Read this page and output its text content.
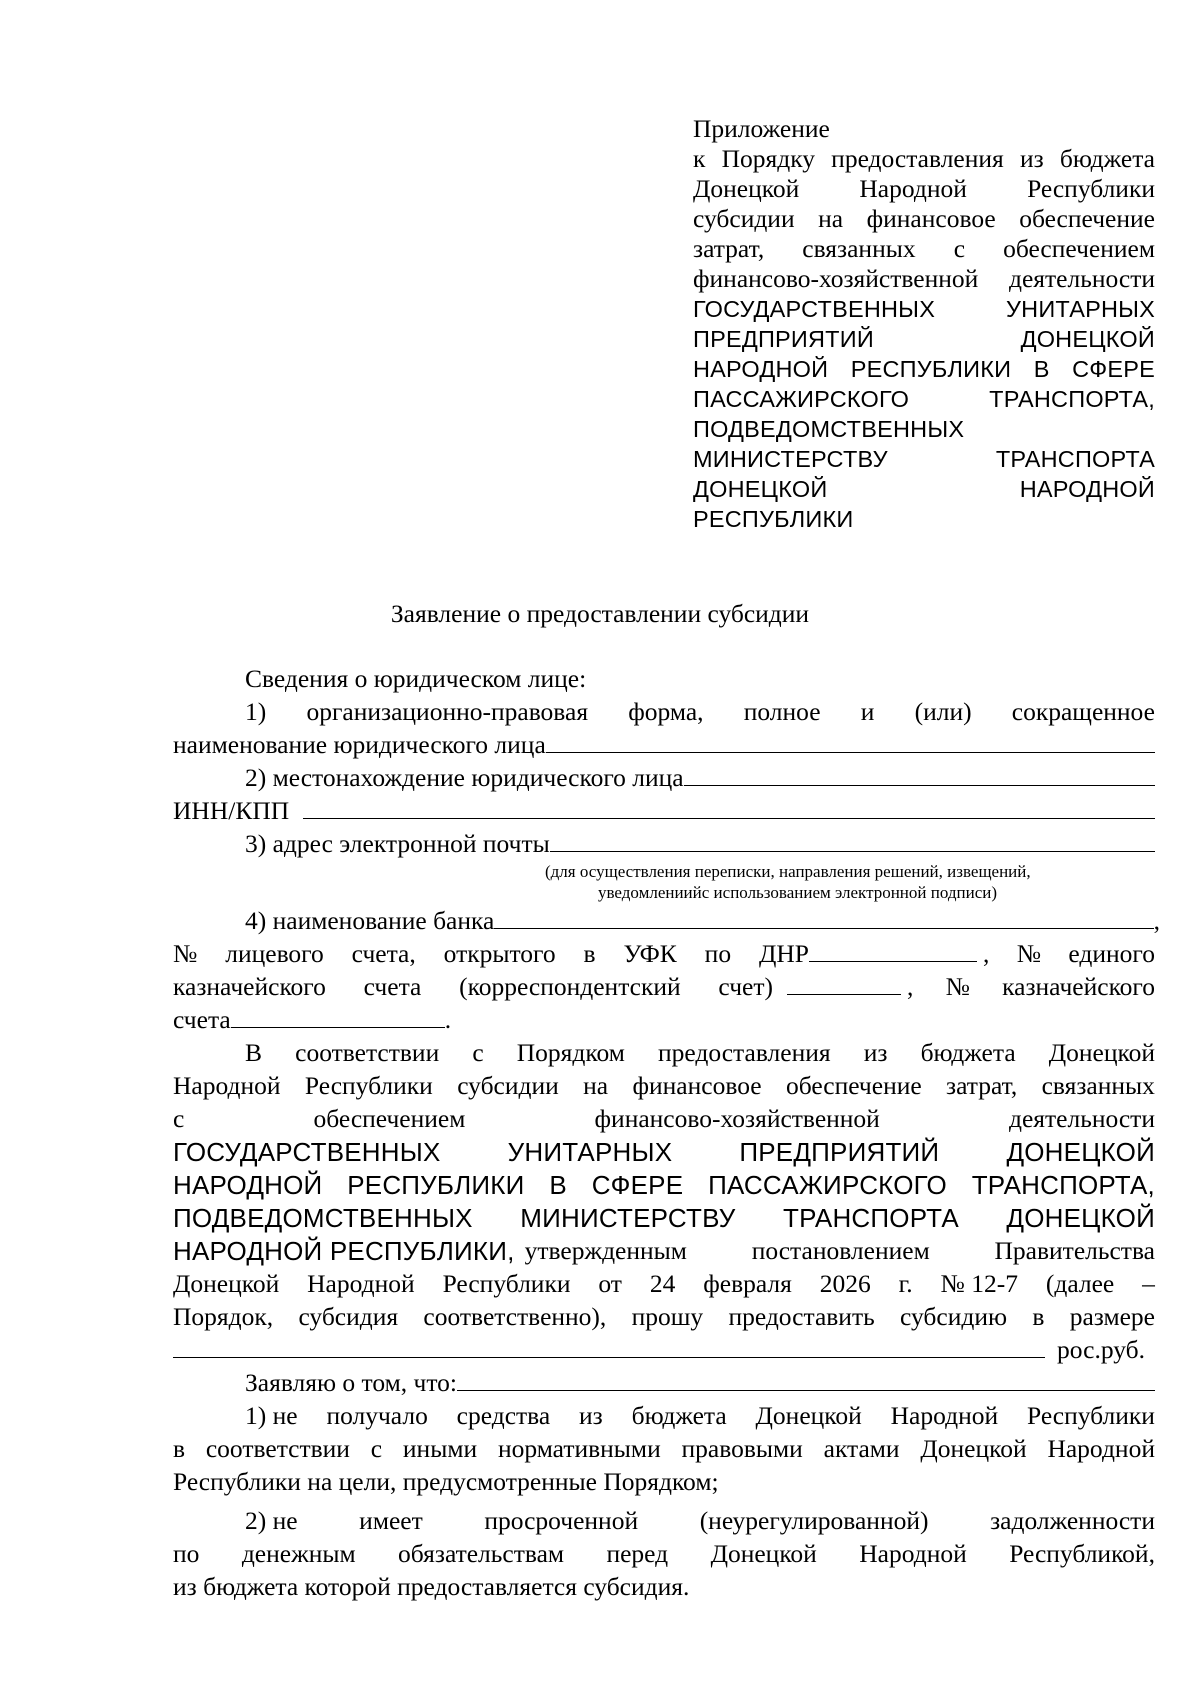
Приложение
к Порядку предоставления из бюджета
Донецкой Народной Республики
субсидии на финансовое обеспечение
затрат, связанных с обеспечением
финансово-хозяйственной деятельности
ГОСУДАРСТВЕННЫХ	УНИТАРНЫХ
ПРЕДПРИЯТИЙ	ДОНЕЦКОЙ
НАРОДНОЙ РЕСПУБЛИКИ В СФЕРЕ
ПАССАЖИРСКОГО	ТРАНСПОРТА,
ПОДВЕДОМСТВЕННЫХ
МИНИСТЕРСТВУ	ТРАНСПОРТА
ДОНЕЦКОЙ	НАРОДНОЙ
РЕСПУБЛИКИ
Заявление о предоставлении субсидии
Сведения о юридическом лице:
1) организационно-правовая форма, полное и (или) сокращенное
наименование юридического лица
2) местонахождение юридического лица
ИНН/КПП
3) адрес электронной почты
(для осуществления переписки, направления решений, извещений,
уведомлениийс использованием электронной подписи)
4) наименование банка	,
№ лицевого счета, открытого в УФК по ДНР	, № единого
казначейского счета (корреспондентский счет)	, № казначейского
счета	.
В соответствии с Порядком предоставления из бюджета Донецкой
Народной Республики субсидии на финансовое обеспечение затрат, связанных
с	обеспечением	финансово-хозяйственной	деятельности
ГОСУДАРСТВЕННЫХ	УНИТАРНЫХ	ПРЕДПРИЯТИЙ	ДОНЕЦКОЙ
НАРОДНОЙ РЕСПУБЛИКИ В СФЕРЕ ПАССАЖИРСКОГО ТРАНСПОРТА,
ПОДВЕДОМСТВЕННЫХ МИНИСТЕРСТВУ ТРАНСПОРТА ДОНЕЦКОЙ
НАРОДНОЙ РЕСПУБЛИКИ, утвержденным	постановлением	Правительства
Донецкой Народной Республики от 24 февраля 2026 г. № 12-7 (далее –
Порядок, субсидия соответственно), прошу предоставить субсидию в размере
рос.руб.
Заявляю о том, что:
1) не получало средства из бюджета Донецкой Народной Республики
в соответствии с иными нормативными правовыми актами Донецкой Народной
Республики на цели, предусмотренные Порядком;
2) не имеет просроченной (неурегулированной) задолженности
по денежным обязательствам перед Донецкой Народной Республикой,
из бюджета которой предоставляется субсидия.
